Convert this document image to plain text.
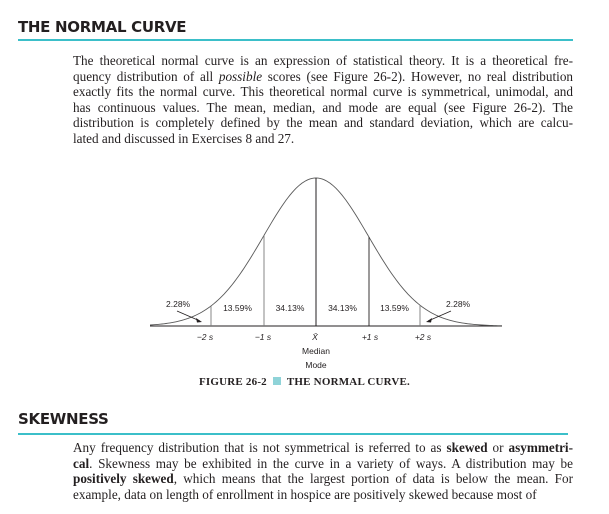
THE NORMAL CURVE
The theoretical normal curve is an expression of statistical theory. It is a theoretical fre-
quency distribution of all possible scores (see Figure 26-2). However, no real distribution
exactly fits the normal curve. This theoretical normal curve is symmetrical, unimodal, and
has continuous values. The mean, median, and mode are equal (see Figure 26-2). The
distribution is completely defined by the mean and standard deviation, which are calcu-
lated and discussed in Exercises 8 and 27.
2.28%	13.59%	34.13%	34.13%	13.59%	2.28%
−2 s	−1 s	X̄	+1 s	+2 s
Median
Mode
FIGURE 26-2 THE NORMAL CURVE.
SKEWNESS
Any frequency distribution that is not symmetrical is referred to as skewed or asymmetri-
cal. Skewness may be exhibited in the curve in a variety of ways. A distribution may be
positively skewed, which means that the largest portion of data is below the mean. For
example, data on length of enrollment in hospice are positively skewed because most of
